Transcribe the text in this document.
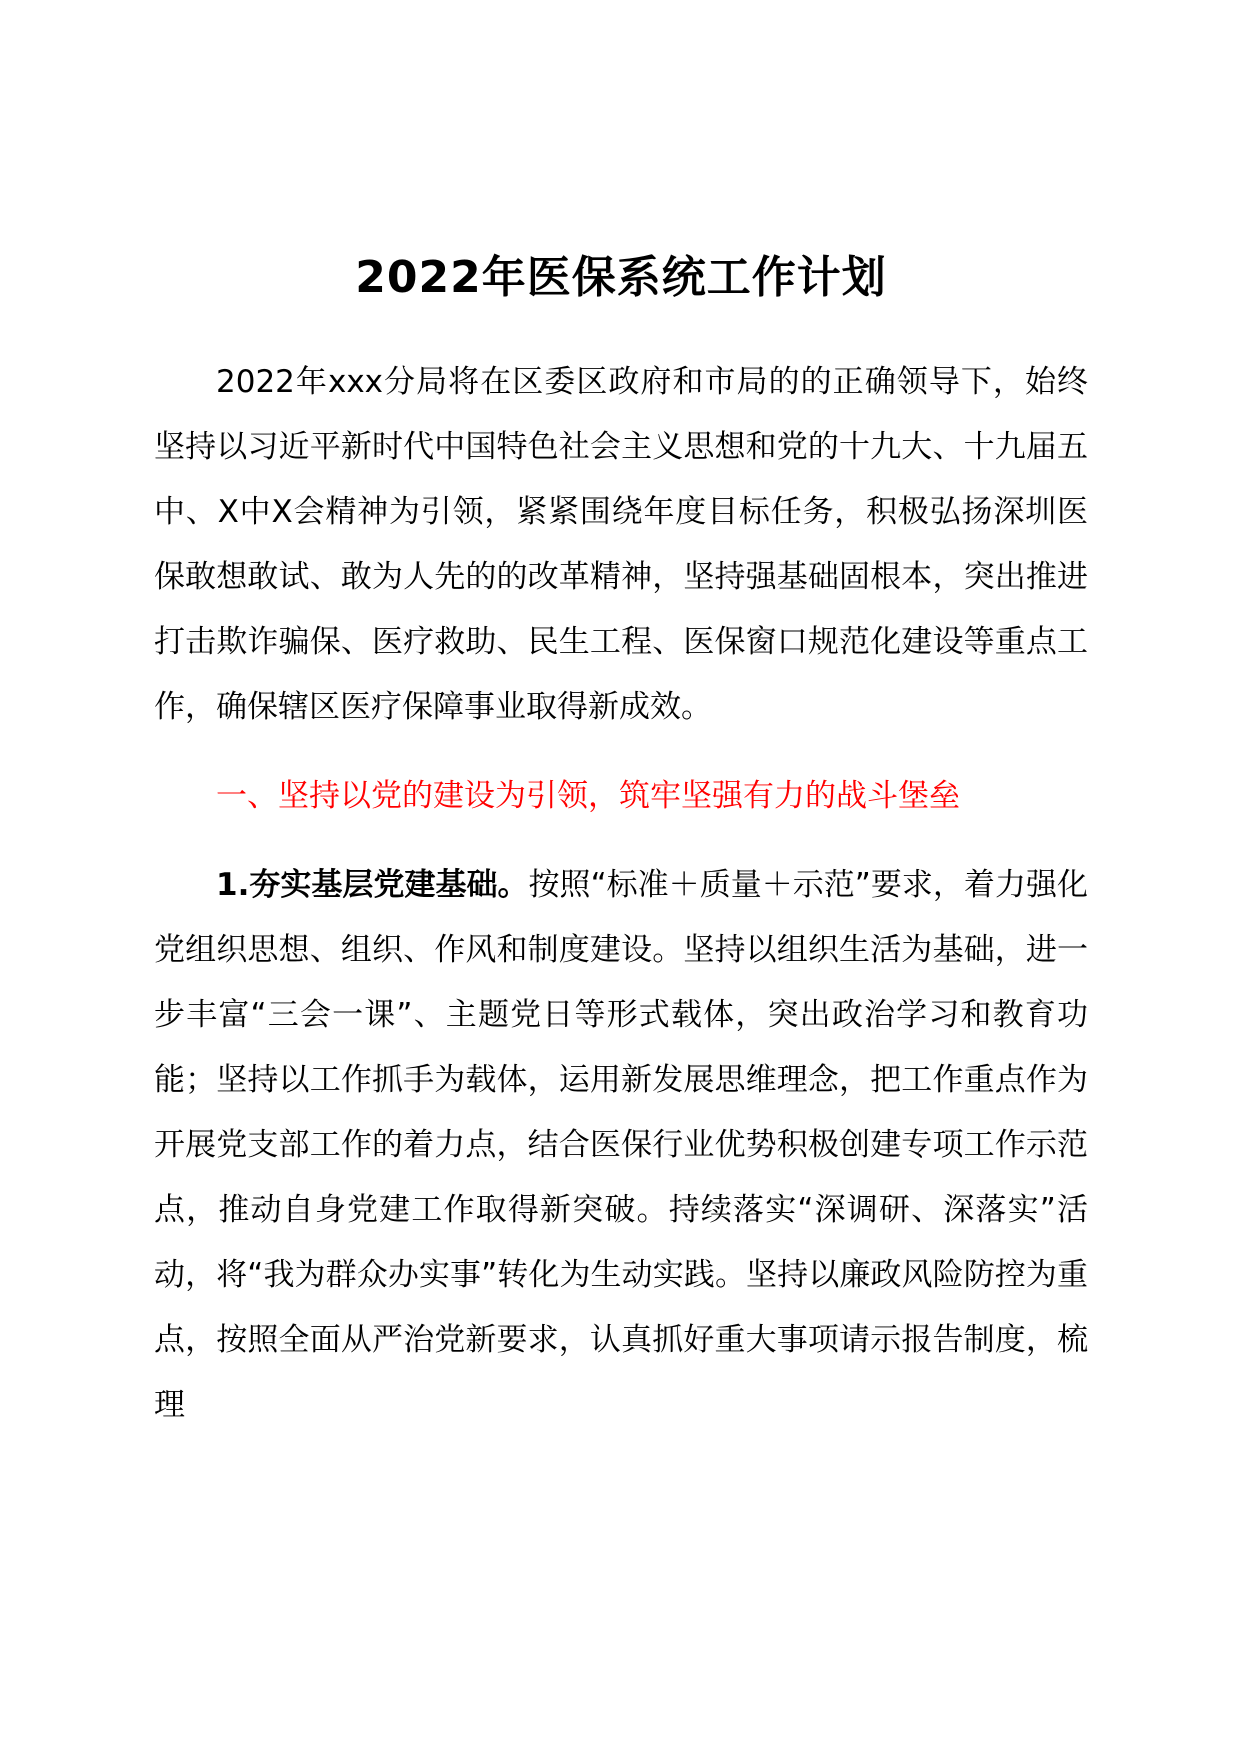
2022年医保系统工作计划

2022年xxx分局将在区委区政府和市局的的正确领导下，始终坚持以习近平新时代中国特色社会主义思想和党的十九大、十九届五中、X中X会精神为引领，紧紧围绕年度目标任务，积极弘扬深圳医保敢想敢试、敢为人先的的改革精神，坚持强基础固根本，突出推进打击欺诈骗保、医疗救助、民生工程、医保窗口规范化建设等重点工作，确保辖区医疗保障事业取得新成效。

一、坚持以党的建设为引领，筑牢坚强有力的战斗堡垒

1.夯实基层党建基础。按照“标准＋质量＋示范”要求，着力强化党组织思想、组织、作风和制度建设。坚持以组织生活为基础，进一步丰富“三会一课”、主题党日等形式载体，突出政治学习和教育功能；坚持以工作抓手为载体，运用新发展思维理念，把工作重点作为开展党支部工作的着力点，结合医保行业优势积极创建专项工作示范点，推动自身党建工作取得新突破。持续落实“深调研、深落实”活动，将“我为群众办实事”转化为生动实践。坚持以廉政风险防控为重点，按照全面从严治党新要求，认真抓好重大事项请示报告制度，梳理
